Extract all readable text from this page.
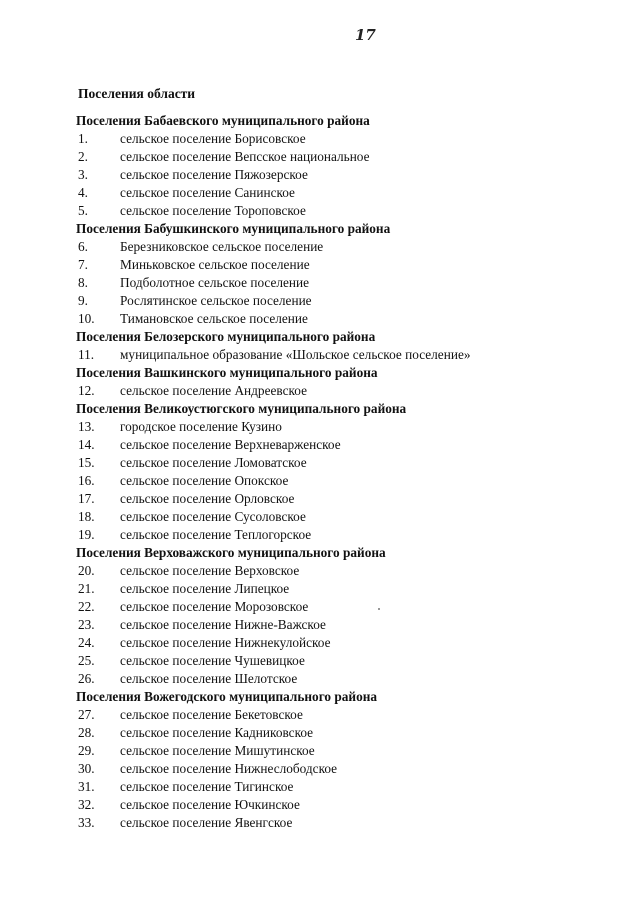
17
Поселения области
Поселения Бабаевского муниципального района
1. сельское поселение Борисовское
2. сельское поселение Вепсское национальное
3. сельское поселение Пяжозерское
4. сельское поселение Санинское
5. сельское поселение Тороповское
Поселения Бабушкинского муниципального района
6. Березниковское сельское поселение
7. Миньковское сельское поселение
8. Подболотное сельское поселение
9. Рослятинское сельское поселение
10. Тимановское сельское поселение
Поселения Белозерского муниципального района
11. муниципальное образование «Шольское сельское поселение»
Поселения Вашкинского муниципального района
12. сельское поселение Андреевское
Поселения Великоустюгского муниципального района
13. городское поселение Кузино
14. сельское поселение Верхневарженское
15. сельское поселение Ломоватское
16. сельское поселение Опокское
17. сельское поселение Орловское
18. сельское поселение Сусоловское
19. сельское поселение Теплогорское
Поселения Верховажского муниципального района
20. сельское поселение Верховское
21. сельское поселение Липецкое
22. сельское поселение Морозовское
23. сельское поселение Нижне-Важское
24. сельское поселение Нижнекулойское
25. сельское поселение Чушевицкое
26. сельское поселение Шелотское
Поселения Вожегодского муниципального района
27. сельское поселение Бекетовское
28. сельское поселение Кадниковское
29. сельское поселение Мишутинское
30. сельское поселение Нижнеслободское
31. сельское поселение Тигинское
32. сельское поселение Ючкинское
33. сельское поселение Явенгское
